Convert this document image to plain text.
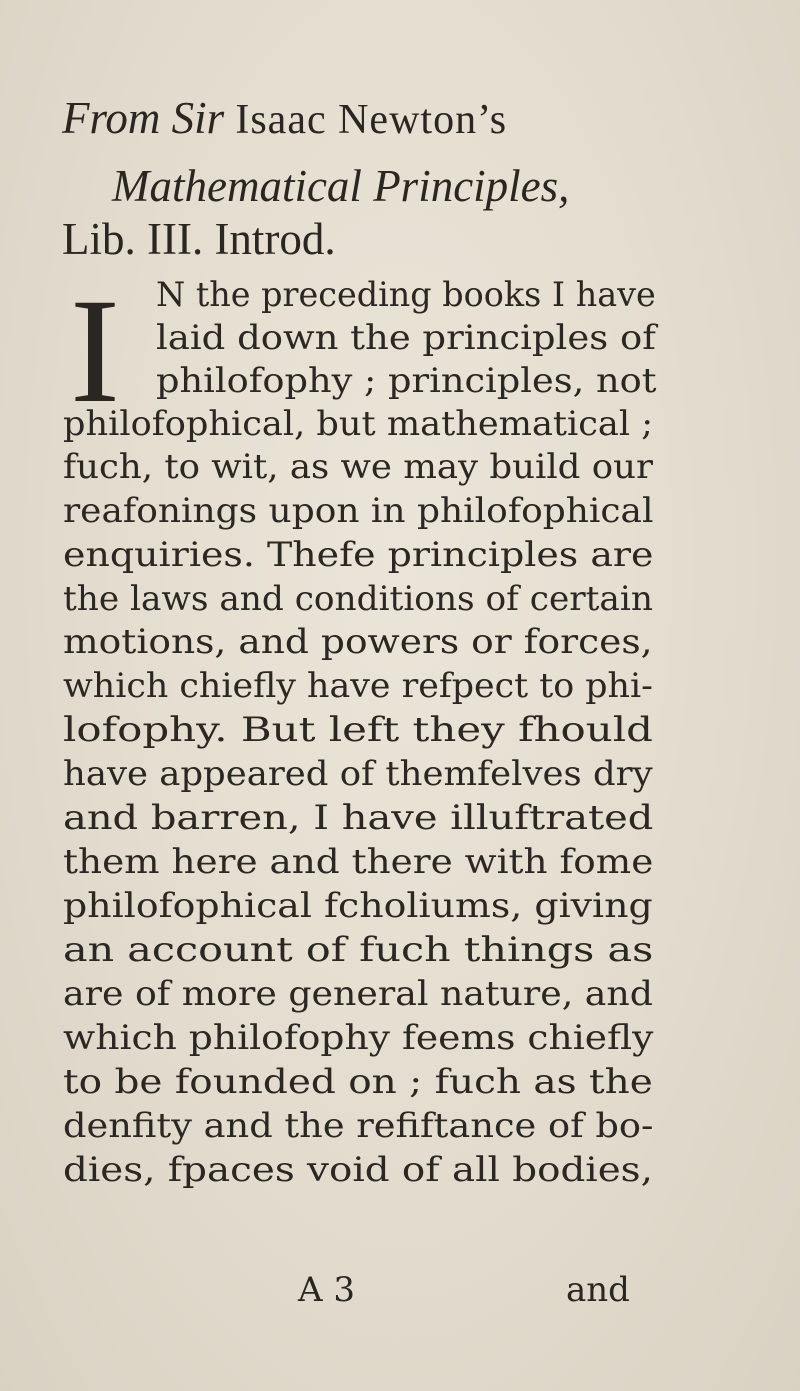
From Sir Isaac Newton’s
Mathematical Principles,
Lib. III. Introd.
I N the preceding books I have
laid down the principles of
philofophy ; principles, not
philofophical, but mathematical ;
fuch, to wit, as we may build our
reafonings upon in philofophical
enquiries. Thefe principles are
the laws and conditions of certain
motions, and powers or forces,
which chiefly have refpect to phi-
lofophy. But left they fhould
have appeared of themfelves dry
and barren, I have illuftrated
them here and there with fome
philofophical fcholiums, giving
an account of fuch things as
are of more general nature, and
which philofophy feems chiefly
to be founded on ; fuch as the
denfity and the refiftance of bo-
dies, fpaces void of all bodies,
A 3	and
